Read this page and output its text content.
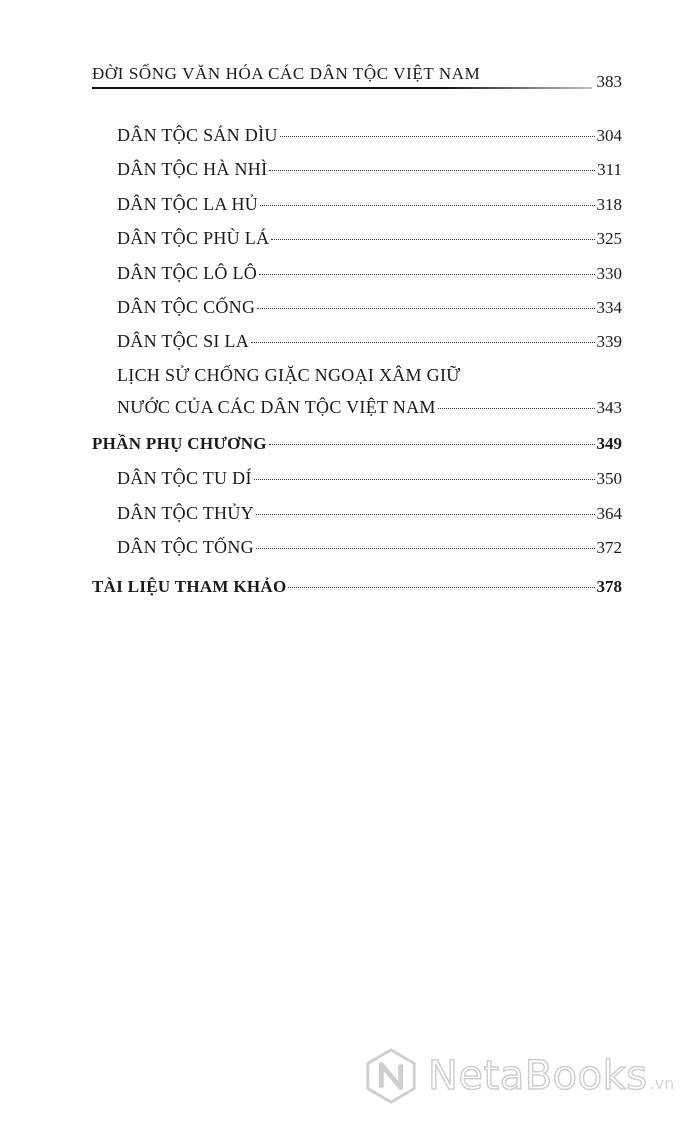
ĐỜI SỐNG VĂN HÓA CÁC DÂN TỘC VIỆT NAM	383
DÂN TỘC SÁN DÌU	304
DÂN TỘC HÀ NHÌ	311
DÂN TỘC LA HỦ	318
DÂN TỘC PHÙ LÁ	325
DÂN TỘC LÔ LÔ	330
DÂN TỘC CỐNG	334
DÂN TỘC SI LA	339
LỊCH SỬ CHỐNG GIẶC NGOẠI XÂM GIỮ
NƯỚC CỦA CÁC DÂN TỘC VIỆT NAM	343
PHẦN PHỤ CHƯƠNG	349
DÂN TỘC TU DÍ	350
DÂN TỘC THỦY	364
DÂN TỘC TỐNG	372
TÀI LIỆU THAM KHẢO	378
NetaBooks .vn
